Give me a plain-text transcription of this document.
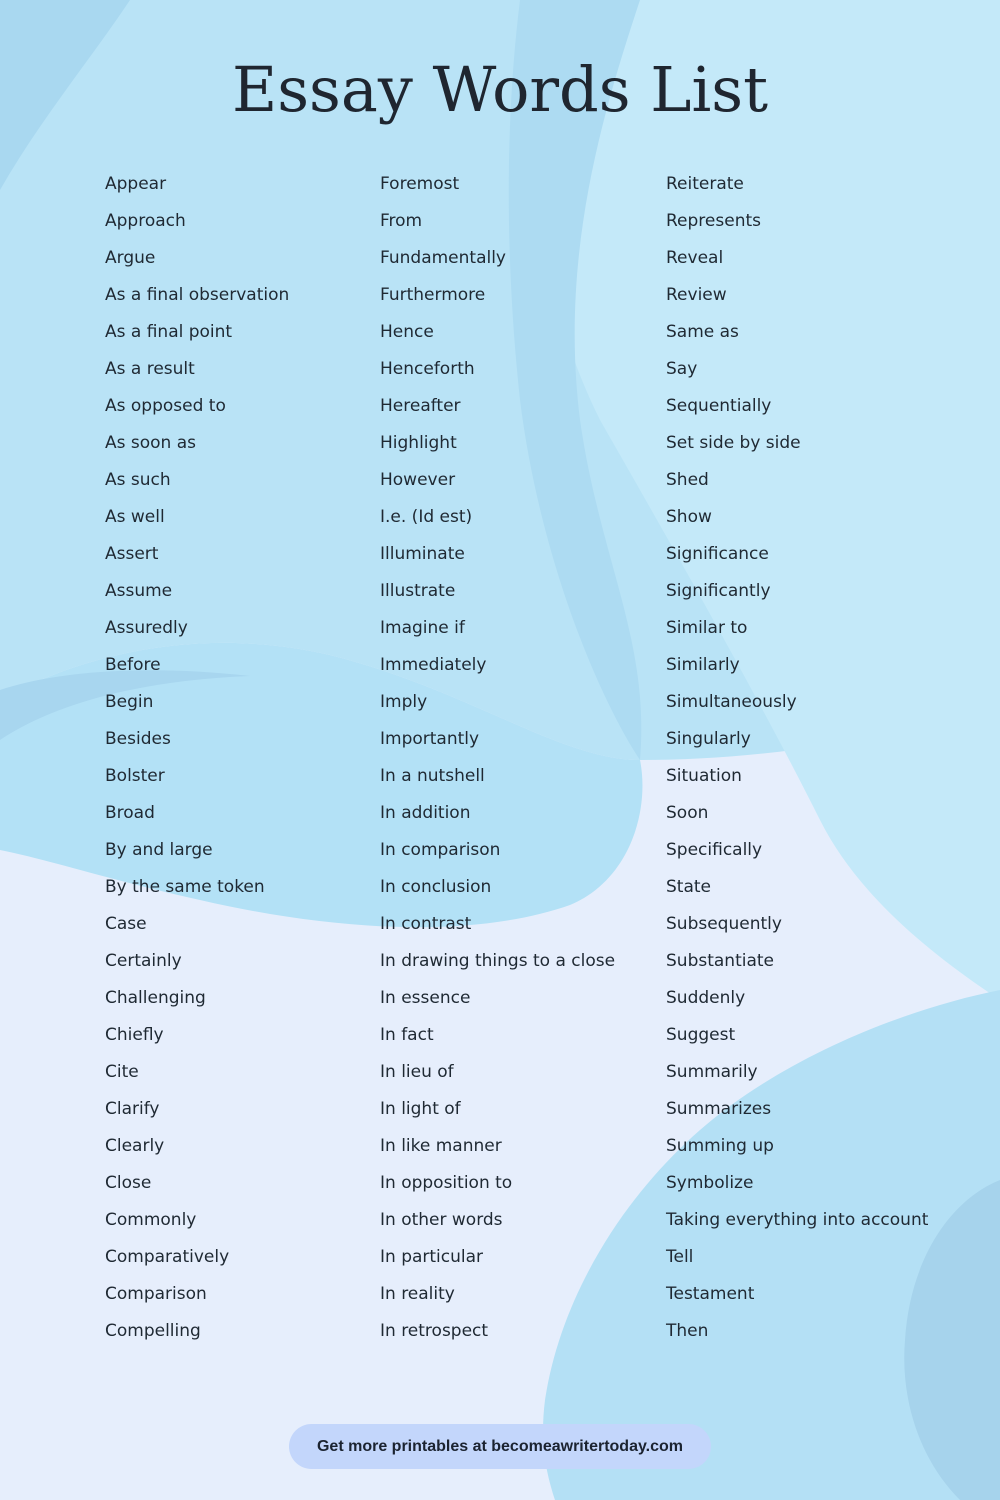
Essay Words List
Appear
Approach
Argue
As a final observation
As a final point
As a result
As opposed to
As soon as
As such
As well
Assert
Assume
Assuredly
Before
Begin
Besides
Bolster
Broad
By and large
By the same token
Case
Certainly
Challenging
Chiefly
Cite
Clarify
Clearly
Close
Commonly
Comparatively
Comparison
Compelling
Foremost
From
Fundamentally
Furthermore
Hence
Henceforth
Hereafter
Highlight
However
I.e. (Id est)
Illuminate
Illustrate
Imagine if
Immediately
Imply
Importantly
In a nutshell
In addition
In comparison
In conclusion
In contrast
In drawing things to a close
In essence
In fact
In lieu of
In light of
In like manner
In opposition to
In other words
In particular
In reality
In retrospect
Reiterate
Represents
Reveal
Review
Same as
Say
Sequentially
Set side by side
Shed
Show
Significance
Significantly
Similar to
Similarly
Simultaneously
Singularly
Situation
Soon
Specifically
State
Subsequently
Substantiate
Suddenly
Suggest
Summarily
Summarizes
Summing up
Symbolize
Taking everything into account
Tell
Testament
Then
Get more printables at becomeawritertoday.com
